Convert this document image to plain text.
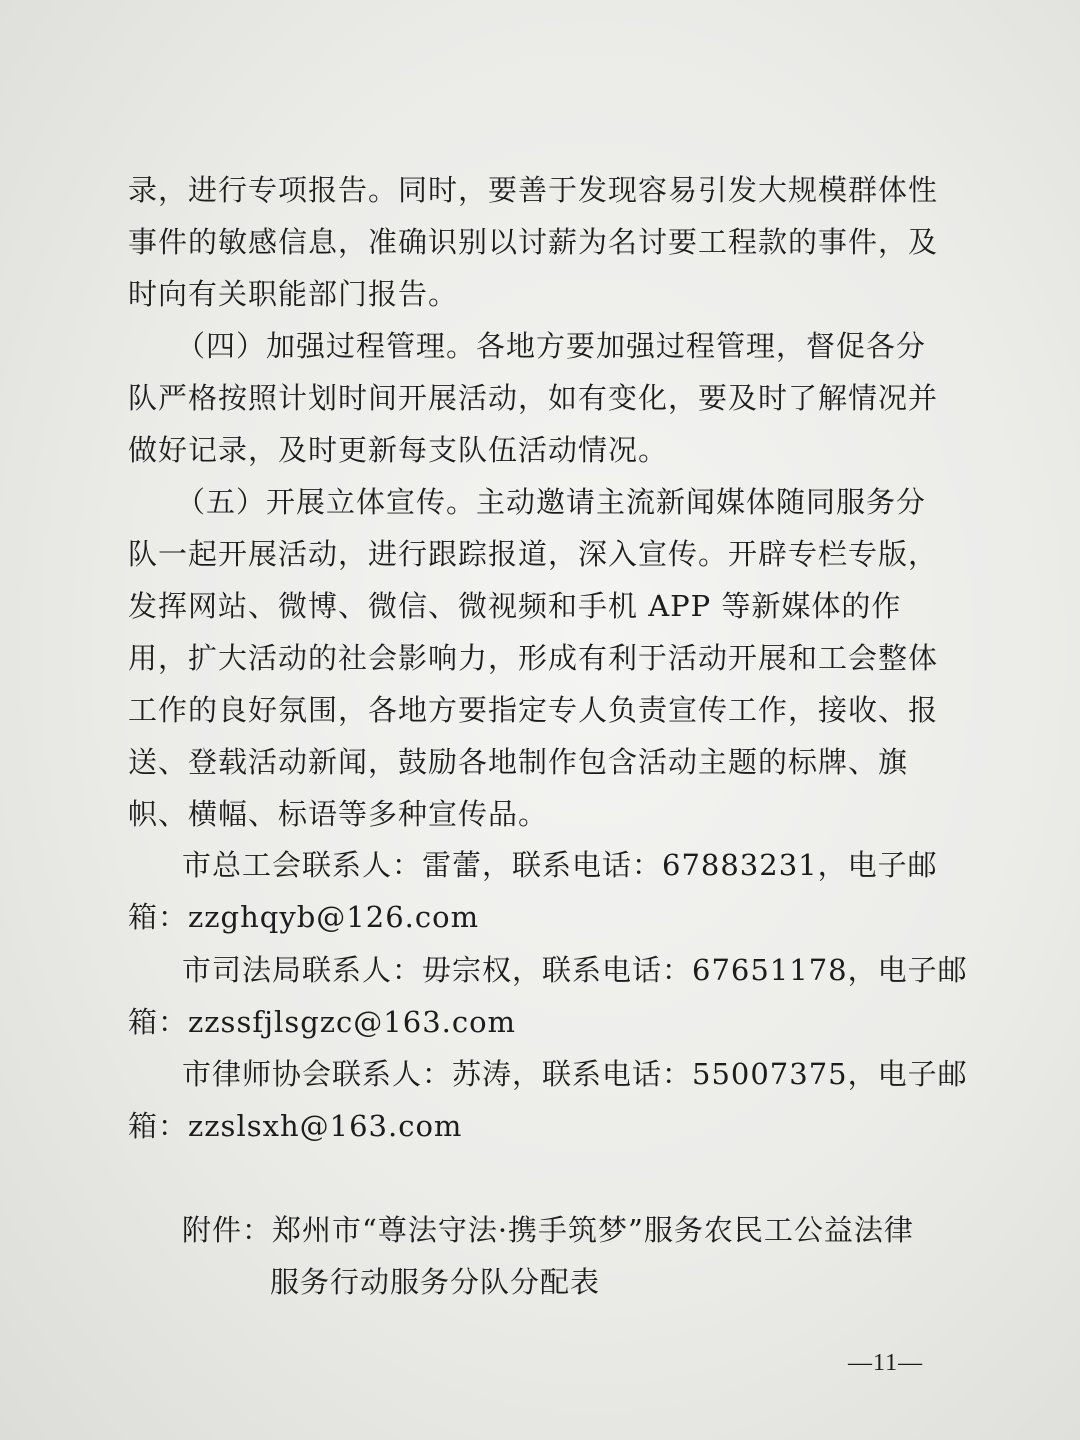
录，进行专项报告。同时，要善于发现容易引发大规模群体性
事件的敏感信息，准确识别以讨薪为名讨要工程款的事件，及
时向有关职能部门报告。
（四）加强过程管理。各地方要加强过程管理，督促各分
队严格按照计划时间开展活动，如有变化，要及时了解情况并
做好记录，及时更新每支队伍活动情况。
（五）开展立体宣传。主动邀请主流新闻媒体随同服务分
队一起开展活动，进行跟踪报道，深入宣传。开辟专栏专版，
发挥网站、微博、微信、微视频和手机 APP 等新媒体的作
用，扩大活动的社会影响力，形成有利于活动开展和工会整体
工作的良好氛围，各地方要指定专人负责宣传工作，接收、报
送、登载活动新闻，鼓励各地制作包含活动主题的标牌、旗
帜、横幅、标语等多种宣传品。
市总工会联系人：雷蕾，联系电话：67883231，电子邮
箱：zzghqyb@126.com
市司法局联系人：毋宗权，联系电话：67651178，电子邮
箱：zzssfjlsgzc@163.com
市律师协会联系人：苏涛，联系电话：55007375，电子邮
箱：zzslsxh@163.com
附件：郑州市“尊法守法·携手筑梦”服务农民工公益法律
服务行动服务分队分配表
—11—
